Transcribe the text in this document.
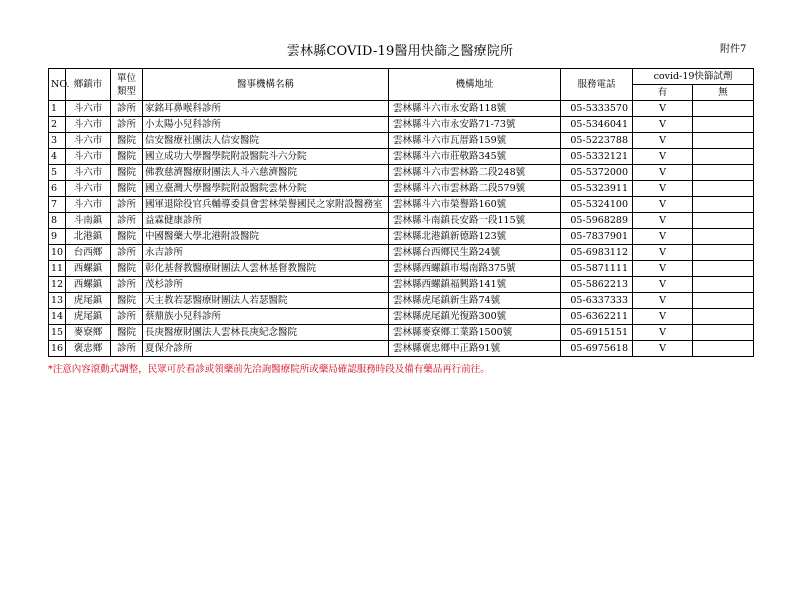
雲林縣COVID-19醫用快篩之醫療院所	附件7
NO.	鄉鎮市	單位類型	醫事機構名稱	機構地址	服務電話	covid-19快篩試劑	
						有	無
1	斗六市	診所	家銘耳鼻喉科診所	雲林縣斗六市永安路118號	05-5333570	V	
2	斗六市	診所	小太陽小兒科診所	雲林縣斗六市永安路71-73號	05-5346041	V	
3	斗六市	醫院	信安醫療社團法人信安醫院	雲林縣斗六市瓦厝路159號	05-5223788	V	
4	斗六市	醫院	國立成功大學醫學院附設醫院斗六分院	雲林縣斗六市莊敬路345號	05-5332121	V	
5	斗六市	醫院	佛教慈濟醫療財團法人斗六慈濟醫院	雲林縣斗六市雲林路二段248號	05-5372000	V	
6	斗六市	醫院	國立臺灣大學醫學院附設醫院雲林分院	雲林縣斗六市雲林路二段579號	05-5323911	V	
7	斗六市	診所	國軍退除役官兵輔導委員會雲林榮譽國民之家附設醫務室	雲林縣斗六市榮譽路160號	05-5324100	V	
8	斗南鎮	診所	益霖健康診所	雲林縣斗南鎮長安路一段115號	05-5968289	V	
9	北港鎮	醫院	中國醫藥大學北港附設醫院	雲林縣北港鎮新德路123號	05-7837901	V	
10	台西鄉	診所	永吉診所	雲林縣台西鄉民生路24號	05-6983112	V	
11	西螺鎮	醫院	彰化基督教醫療財團法人雲林基督教醫院	雲林縣西螺鎮市場南路375號	05-5871111	V	
12	西螺鎮	診所	茂杉診所	雲林縣西螺鎮福興路141號	05-5862213	V	
13	虎尾鎮	醫院	天主教若瑟醫療財團法人若瑟醫院	雲林縣虎尾鎮新生路74號	05-6337333	V	
14	虎尾鎮	診所	蔡鼎族小兒科診所	雲林縣虎尾鎮光復路300號	05-6362211	V	
15	麥寮鄉	醫院	長庚醫療財團法人雲林長庚紀念醫院	雲林縣麥寮鄉工業路1500號	05-6915151	V	
16	褒忠鄉	診所	夏保介診所	雲林縣褒忠鄉中正路91號	05-6975618	V	
*注意內容滾動式調整，民眾可於看診或領藥前先洽詢醫療院所或藥局確認服務時段及備有藥品再行前往。
